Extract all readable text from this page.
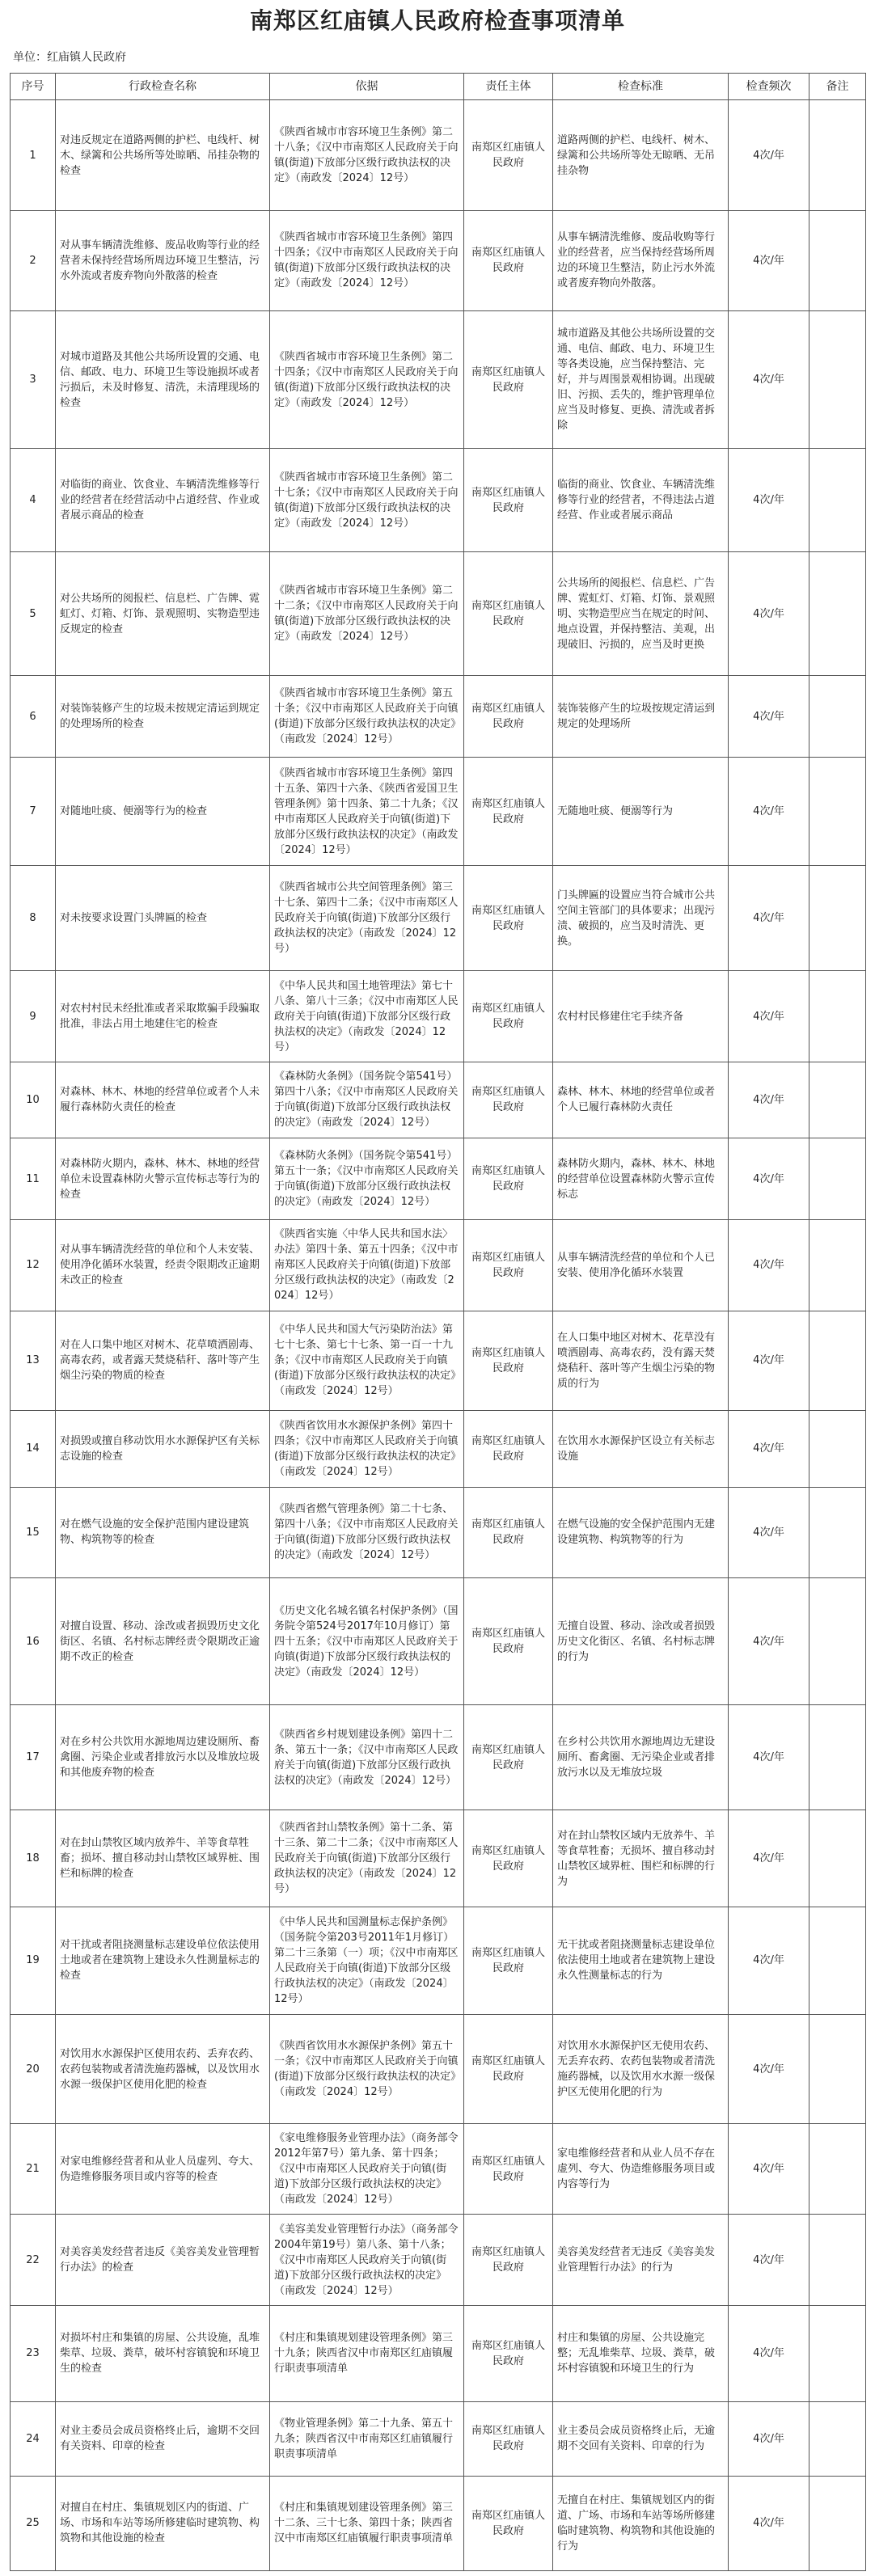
南郑区红庙镇人民政府检查事项清单
单位：红庙镇人民政府
序号	行政检查名称	依据	责任主体	检查标准	检查频次	备注
1	对违反规定在道路两侧的护栏、电线杆、树木、绿篱和公共场所等处晾晒、吊挂杂物的检查	《陕西省城市市容环境卫生条例》第二十八条；《汉中市南郑区人民政府关于向镇(街道)下放部分区级行政执法权的决定》（南政发〔2024〕12号）	南郑区红庙镇人民政府	道路两侧的护栏、电线杆、树木、绿篱和公共场所等处无晾晒、无吊挂杂物	4次/年	
2	对从事车辆清洗维修、废品收购等行业的经营者未保持经营场所周边环境卫生整洁，污水外流或者废弃物向外散落的检查	《陕西省城市市容环境卫生条例》第四十四条；《汉中市南郑区人民政府关于向镇(街道)下放部分区级行政执法权的决定》（南政发〔2024〕12号）	南郑区红庙镇人民政府	从事车辆清洗维修、废品收购等行业的经营者，应当保持经营场所周边的环境卫生整洁，防止污水外流或者废弃物向外散落。	4次/年	
3	对城市道路及其他公共场所设置的交通、电信、邮政、电力、环境卫生等设施损坏或者污损后，未及时修复、清洗，未清理现场的检查	《陕西省城市市容环境卫生条例》第二十四条；《汉中市南郑区人民政府关于向镇(街道)下放部分区级行政执法权的决定》（南政发〔2024〕12号）	南郑区红庙镇人民政府	城市道路及其他公共场所设置的交通、电信、邮政、电力、环境卫生等各类设施，应当保持整洁、完好，并与周围景观相协调。出现破旧、污损、丢失的，维护管理单位应当及时修复、更换、清洗或者拆除	4次/年	
4	对临街的商业、饮食业、车辆清洗维修等行业的经营者在经营活动中占道经营、作业或者展示商品的检查	《陕西省城市市容环境卫生条例》第二十七条；《汉中市南郑区人民政府关于向镇(街道)下放部分区级行政执法权的决定》（南政发〔2024〕12号）	南郑区红庙镇人民政府	临街的商业、饮食业、车辆清洗维修等行业的经营者，不得违法占道经营、作业或者展示商品	4次/年	
5	对公共场所的阅报栏、信息栏、广告牌、霓虹灯、灯箱、灯饰、景观照明、实物造型违反规定的检查	《陕西省城市市容环境卫生条例》第二十二条；《汉中市南郑区人民政府关于向镇(街道)下放部分区级行政执法权的决定》（南政发〔2024〕12号）	南郑区红庙镇人民政府	公共场所的阅报栏、信息栏、广告牌、霓虹灯、灯箱、灯饰、景观照明、实物造型应当在规定的时间、地点设置，并保持整洁、美观，出现破旧、污损的，应当及时更换	4次/年	
6	对装饰装修产生的垃圾未按规定清运到规定的处理场所的检查	《陕西省城市市容环境卫生条例》第五十条；《汉中市南郑区人民政府关于向镇(街道)下放部分区级行政执法权的决定》（南政发〔2024〕12号）	南郑区红庙镇人民政府	装饰装修产生的垃圾按规定清运到规定的处理场所	4次/年	
7	对随地吐痰、便溺等行为的检查	《陕西省城市市容环境卫生条例》第四十五条、第四十六条、《陕西省爱国卫生管理条例》第十四条、第二十九条；《汉中市南郑区人民政府关于向镇(街道)下放部分区级行政执法权的决定》（南政发〔2024〕12号）	南郑区红庙镇人民政府	无随地吐痰、便溺等行为	4次/年	
8	对未按要求设置门头牌匾的检查	《陕西省城市公共空间管理条例》第三十七条、第四十二条；《汉中市南郑区人民政府关于向镇(街道)下放部分区级行政执法权的决定》（南政发〔2024〕12号）	南郑区红庙镇人民政府	门头牌匾的设置应当符合城市公共空间主管部门的具体要求；出现污渍、破损的，应当及时清洗、更换。	4次/年	
9	对农村村民未经批准或者采取欺骗手段骗取批准，非法占用土地建住宅的检查	《中华人民共和国土地管理法》第七十八条、第八十三条；《汉中市南郑区人民政府关于向镇(街道)下放部分区级行政执法权的决定》（南政发〔2024〕12号）	南郑区红庙镇人民政府	农村村民修建住宅手续齐备	4次/年	
10	对森林、林木、林地的经营单位或者个人未履行森林防火责任的检查	《森林防火条例》（国务院令第541号）第四十八条；《汉中市南郑区人民政府关于向镇(街道)下放部分区级行政执法权的决定》（南政发〔2024〕12号）	南郑区红庙镇人民政府	森林、林木、林地的经营单位或者个人已履行森林防火责任	4次/年	
11	对森林防火期内，森林、林木、林地的经营单位未设置森林防火警示宣传标志等行为的检查	《森林防火条例》（国务院令第541号）第五十一条；《汉中市南郑区人民政府关于向镇(街道)下放部分区级行政执法权的决定》（南政发〔2024〕12号）	南郑区红庙镇人民政府	森林防火期内，森林、林木、林地的经营单位设置森林防火警示宣传标志	4次/年	
12	对从事车辆清洗经营的单位和个人未安装、使用净化循环水装置，经责令限期改正逾期未改正的检查	《陕西省实施〈中华人民共和国水法〉办法》第四十条、第五十四条；《汉中市南郑区人民政府关于向镇(街道)下放部分区级行政执法权的决定》（南政发〔2024〕12号）	南郑区红庙镇人民政府	从事车辆清洗经营的单位和个人已安装、使用净化循环水装置	4次/年	
13	对在人口集中地区对树木、花草喷洒剧毒、高毒农药，或者露天焚烧秸秆、落叶等产生烟尘污染的物质的检查	《中华人民共和国大气污染防治法》第七十七条、第七十七条、第一百一十九条；《汉中市南郑区人民政府关于向镇(街道)下放部分区级行政执法权的决定》（南政发〔2024〕12号）	南郑区红庙镇人民政府	在人口集中地区对树木、花草没有喷洒剧毒、高毒农药，没有露天焚烧秸秆、落叶等产生烟尘污染的物质的行为	4次/年	
14	对损毁或擅自移动饮用水水源保护区有关标志设施的检查	《陕西省饮用水水源保护条例》第四十四条；《汉中市南郑区人民政府关于向镇(街道)下放部分区级行政执法权的决定》（南政发〔2024〕12号）	南郑区红庙镇人民政府	在饮用水水源保护区设立有关标志设施	4次/年	
15	对在燃气设施的安全保护范围内建设建筑物、构筑物等的检查	《陕西省燃气管理条例》第二十七条、第四十八条；《汉中市南郑区人民政府关于向镇(街道)下放部分区级行政执法权的决定》（南政发〔2024〕12号）	南郑区红庙镇人民政府	在燃气设施的安全保护范围内无建设建筑物、构筑物等的行为	4次/年	
16	对擅自设置、移动、涂改或者损毁历史文化街区、名镇、名村标志牌经责令限期改正逾期不改正的检查	《历史文化名城名镇名村保护条例》（国务院令第524号2017年10月修订）第四十五条；《汉中市南郑区人民政府关于向镇(街道)下放部分区级行政执法权的决定》（南政发〔2024〕12号）	南郑区红庙镇人民政府	无擅自设置、移动、涂改或者损毁历史文化街区、名镇、名村标志牌的行为	4次/年	
17	对在乡村公共饮用水源地周边建设厕所、畜禽圈、污染企业或者排放污水以及堆放垃圾和其他废弃物的检查	《陕西省乡村规划建设条例》第四十二条、第五十一条；《汉中市南郑区人民政府关于向镇(街道)下放部分区级行政执法权的决定》（南政发〔2024〕12号）	南郑区红庙镇人民政府	在乡村公共饮用水源地周边无建设厕所、畜禽圈、无污染企业或者排放污水以及无堆放垃圾	4次/年	
18	对在封山禁牧区域内放养牛、羊等食草牲畜；损坏、擅自移动封山禁牧区域界桩、围栏和标牌的检查	《陕西省封山禁牧条例》第十二条、第十三条、第二十二条；《汉中市南郑区人民政府关于向镇(街道)下放部分区级行政执法权的决定》（南政发〔2024〕12号）	南郑区红庙镇人民政府	对在封山禁牧区域内无放养牛、羊等食草牲畜；无损坏、擅自移动封山禁牧区域界桩、围栏和标牌的行为	4次/年	
19	对干扰或者阻挠测量标志建设单位依法使用土地或者在建筑物上建设永久性测量标志的检查	《中华人民共和国测量标志保护条例》（国务院令第203号2011年1月修订）第二十三条第（一）项；《汉中市南郑区人民政府关于向镇(街道)下放部分区级行政执法权的决定》（南政发〔2024〕12号）	南郑区红庙镇人民政府	无干扰或者阻挠测量标志建设单位依法使用土地或者在建筑物上建设永久性测量标志的行为	4次/年	
20	对饮用水水源保护区使用农药、丢弃农药、农药包装物或者清洗施药器械，以及饮用水水源一级保护区使用化肥的检查	《陕西省饮用水水源保护条例》第五十一条；《汉中市南郑区人民政府关于向镇(街道)下放部分区级行政执法权的决定》（南政发〔2024〕12号）	南郑区红庙镇人民政府	对饮用水水源保护区无使用农药、无丢弃农药、农药包装物或者清洗施药器械，以及饮用水水源一级保护区无使用化肥的行为	4次/年	
21	对家电维修经营者和从业人员虚列、夸大、伪造维修服务项目或内容等的检查	《家电维修服务业管理办法》（商务部令2012年第7号）第九条、第十四条；《汉中市南郑区人民政府关于向镇(街道)下放部分区级行政执法权的决定》（南政发〔2024〕12号）	南郑区红庙镇人民政府	家电维修经营者和从业人员不存在虚列、夸大、伪造维修服务项目或内容等行为	4次/年	
22	对美容美发经营者违反《美容美发业管理暂行办法》的检查	《美容美发业管理暂行办法》（商务部令2004年第19号）第八条、第十八条；《汉中市南郑区人民政府关于向镇(街道)下放部分区级行政执法权的决定》（南政发〔2024〕12号）	南郑区红庙镇人民政府	美容美发经营者无违反《美容美发业管理暂行办法》的行为	4次/年	
23	对损坏村庄和集镇的房屋、公共设施，乱堆柴草、垃圾、粪草，破坏村容镇貌和环境卫生的检查	《村庄和集镇规划建设管理条例》第三十九条；陕西省汉中市南郑区红庙镇履行职责事项清单	南郑区红庙镇人民政府	村庄和集镇的房屋、公共设施完整；无乱堆柴草、垃圾、粪草，破坏村容镇貌和环境卫生的行为	4次/年	
24	对业主委员会成员资格终止后，逾期不交回有关资料、印章的检查	《物业管理条例》第二十九条、第五十九条；陕西省汉中市南郑区红庙镇履行职责事项清单	南郑区红庙镇人民政府	业主委员会成员资格终止后，无逾期不交回有关资料、印章的行为	4次/年	
25	对擅自在村庄、集镇规划区内的街道、广场、市场和车站等场所修建临时建筑物、构筑物和其他设施的检查	《村庄和集镇规划建设管理条例》第三十二条、三十七条、第四十条；陕西省汉中市南郑区红庙镇履行职责事项清单	南郑区红庙镇人民政府	无擅自在村庄、集镇规划区内的街道、广场、市场和车站等场所修建临时建筑物、构筑物和其他设施的行为	4次/年	
